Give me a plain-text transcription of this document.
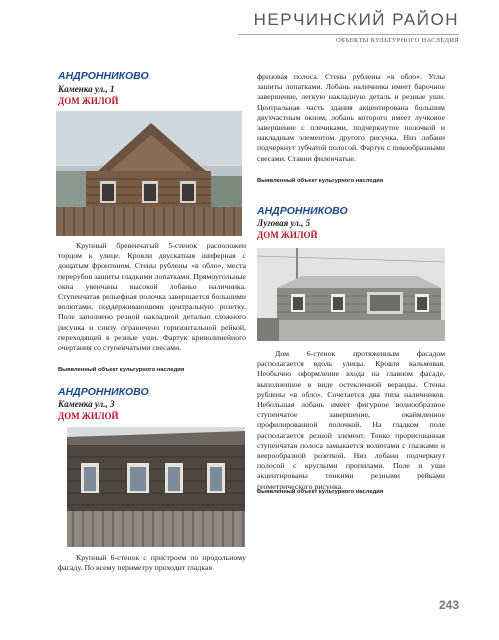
НЕРЧИНСКИЙ РАЙОН
ОБЪЕКТЫ КУЛЬТУРНОГО НАСЛЕДИЯ
АНДРОННИКОВО
Каменка ул., 1
ДОМ ЖИЛОЙ

Крупный бревенчатый 5-стенок расположен торцом к улице. Кровли двускатная шиферная с дощатым фронтоном. Стены рублены «в обло», места перерубов зашиты гладкими лопатками. Прямоугольные окна увенчаны высокой лобаньо наличника. Ступенчатая рельефная полочка завершается большими волютами, поддерживающими центральную розетку. Поле заполнено резной накладной деталью сложного рисунка и снизу ограничено горизонтальной рейкой, переходящей в резные уши. Фартук криволинейного очертания со ступенчатыми свесами.

Выявленный объект культурного наследия
АНДРОННИКОВО
Каменка ул., 3
ДОМ ЖИЛОЙ

Крупный 6-стенок с пристроем по продольному фасаду. По всему периметру проходит гладкая

фризовая полоса. Стены рублены «в обло». Углы зашиты лопатками. Лобань наличника имеет барочное завершение, легкую накладную деталь и резные уши. Центральная часть здания акцентирована большим двухчастным окном, лобань которого имеет лучковое завершение с плечиками, подчеркнутое полочкой и накладным элементом другого рисунка. Низ лобани подчеркнут зубчатой полосой. Фартук с пикообразными свесами. Ставни филенчатые.

Выявленный объект культурного наследия
АНДРОННИКОВО
Луговая ул., 5
ДОМ ЖИЛОЙ

Дом 6-стенок протяженным фасадом располагается вдоль улицы. Кровля вальмовая. Необычно оформление входа на главном фасаде, выполненное в виде остекленной веранды. Стены рублены «в обло». Сочетается два типа наличников. Небольшая лобань имеет фигурное волнообразное ступенчатое завершение, окаймленное профилированной полочкой. На гладком поле располагается резной элемент. Тонко прорисованная ступенчатая полоса замыкается волютами с глазками и веерообразной розеткой. Низ лобани подчеркнут полосой с круглыми пропилами. Поле и уши акцентированы тонкими резными рейками геометрического рисунка.

Выявленный объект культурного наследия
243
